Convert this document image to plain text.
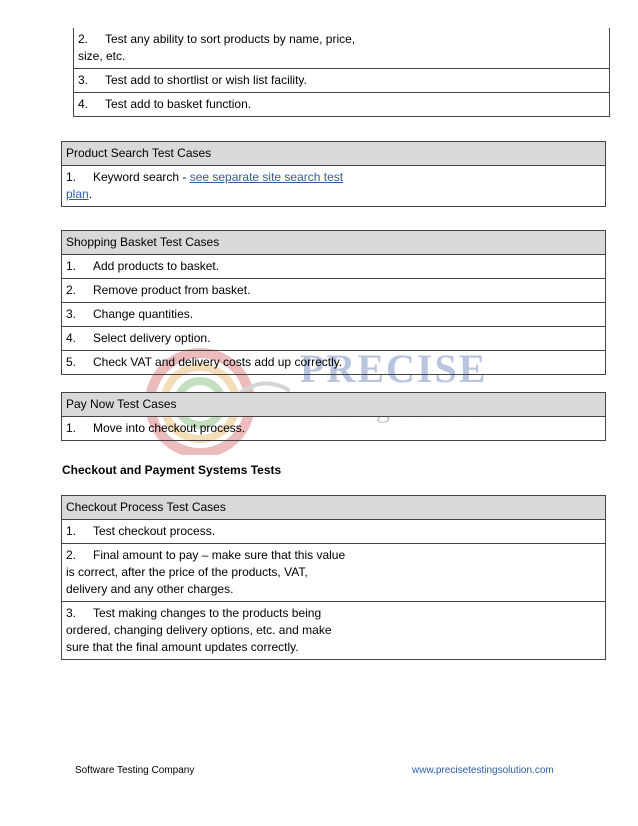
PRECISE
2. Test any ability to sort products by name, price,
size, etc.
3. Test add to shortlist or wish list facility.
4. Test add to basket function.
Product Search Test Cases
1. Keyword search - see separate site search test
plan.
Shopping Basket Test Cases
1. Add products to basket.
2. Remove product from basket.
3. Change quantities.
4. Select delivery option.
5. Check VAT and delivery costs add up correctly.
Pay Now Test Cases
1. Move into checkout process.
Checkout and Payment Systems Tests
Checkout Process Test Cases
1. Test checkout process.
2. Final amount to pay – make sure that this value
is correct, after the price of the products, VAT,
delivery and any other charges.
3. Test making changes to the products being
ordered, changing delivery options, etc. and make
sure that the final amount updates correctly.
Software Testing Company	www.precisetestingsolution.com
